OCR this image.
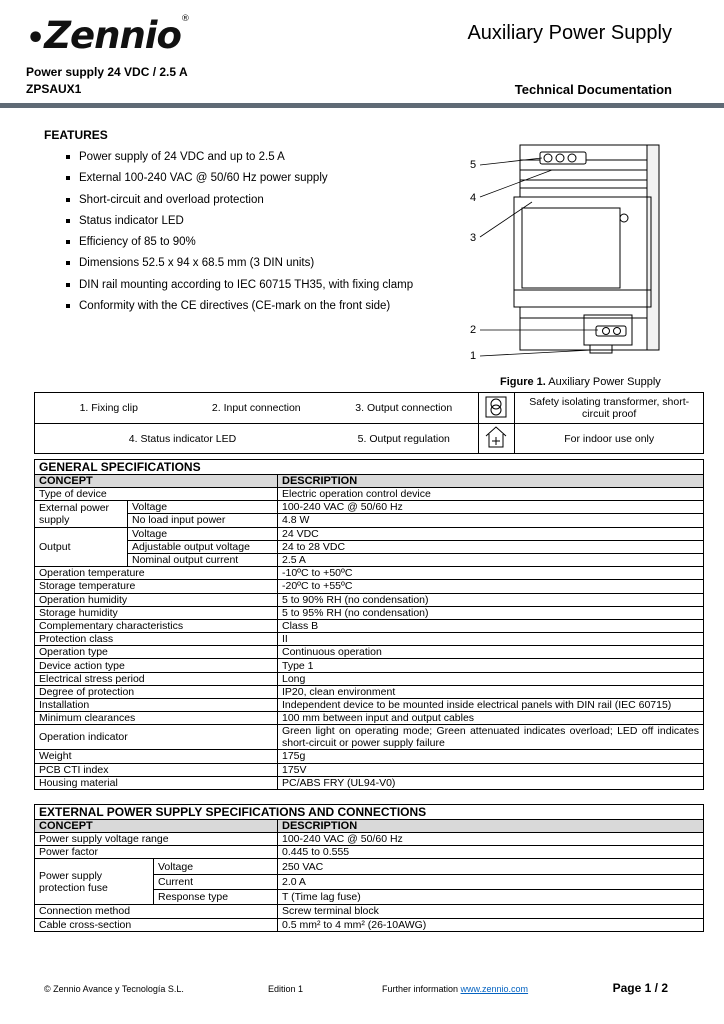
•Zennio®
Auxiliary Power Supply
Power supply 24 VDC / 2.5 A
ZPSAUX1	Technical Documentation
FEATURES
Power supply of 24 VDC and up to 2.5 A
External 100-240 VAC @ 50/60 Hz power supply
Short-circuit and overload protection
Status indicator LED
Efficiency of 85 to 90%
Dimensions 52.5 x 94 x 68.5 mm (3 DIN units)
DIN rail mounting according to IEC 60715 TH35, with fixing clamp
Conformity with the CE directives (CE-mark on the front side)
5
4
3
2
1
Figure 1. Auxiliary Power Supply
1. Fixing clip	2. Input connection	3. Output connection		Safety isolating transformer, short-circuit proof
4. Status indicator LED		5. Output regulation		For indoor use only
GENERAL SPECIFICATIONS		
CONCEPT		DESCRIPTION
Type of device		Electric operation control device
External power supply	Voltage	100-240 VAC @ 50/60 Hz
	No load input power	4.8 W
Output	Voltage	24 VDC
	Adjustable output voltage	24 to 28 VDC
	Nominal output current	2.5 A
Operation temperature		-10ºC to +50ºC
Storage temperature		-20ºC to +55ºC
Operation humidity		5 to 90% RH (no condensation)
Storage humidity		5 to 95% RH (no condensation)
Complementary characteristics		Class B
Protection class		II
Operation type		Continuous operation
Device action type		Type 1
Electrical stress period		Long
Degree of protection		IP20, clean environment
Installation		Independent device to be mounted inside electrical panels with DIN rail (IEC 60715)
Minimum clearances		100 mm between input and output cables
Operation indicator		Green light on operating mode; Green attenuated indicates overload; LED off indicates short-circuit or power supply failure
Weight		175g
PCB CTI index		175V
Housing material		PC/ABS FRY (UL94-V0)
EXTERNAL POWER SUPPLY SPECIFICATIONS AND CONNECTIONS		
CONCEPT		DESCRIPTION
Power supply voltage range		100-240 VAC @ 50/60 Hz
Power factor		0.445 to 0.555
Power supply protection fuse	Voltage	250 VAC
	Current	2.0 A
	Response type	T (Time lag fuse)
Connection method		Screw terminal block
Cable cross-section		0.5 mm² to 4 mm² (26-10AWG)
© Zennio Avance y Tecnología S.L.	Edition 1	Further information www.zennio.com	Page 1 / 2
